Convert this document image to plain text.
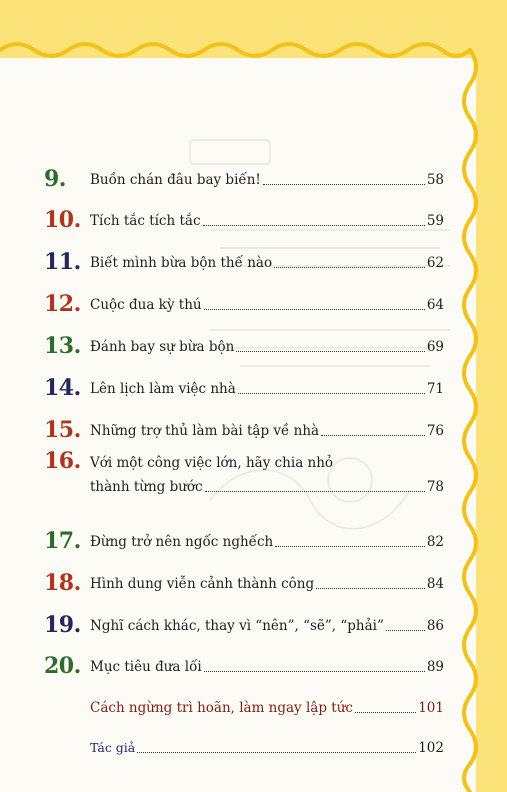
9.	Buồn chán đâu bay biến!	58
10. Tích tắc tích tắc	59
11. Biết mình bừa bộn thế nào	62
12. Cuộc đua kỳ thú	64
13. Đánh bay sự bừa bộn	69
14. Lên lịch làm việc nhà	71
15. Những trợ thủ làm bài tập về nhà	76
16. Với một công việc lớn, hãy chia nhỏ
thành từng bước	78
17. Đừng trở nên ngốc nghếch	82
18. Hình dung viễn cảnh thành công	84
19. Nghĩ cách khác, thay vì “nên”, “sẽ”, “phải”	86
20. Mục tiêu đưa lối	89
Cách ngừng trì hoãn, làm ngay lập tức	101
Tác giả	102
